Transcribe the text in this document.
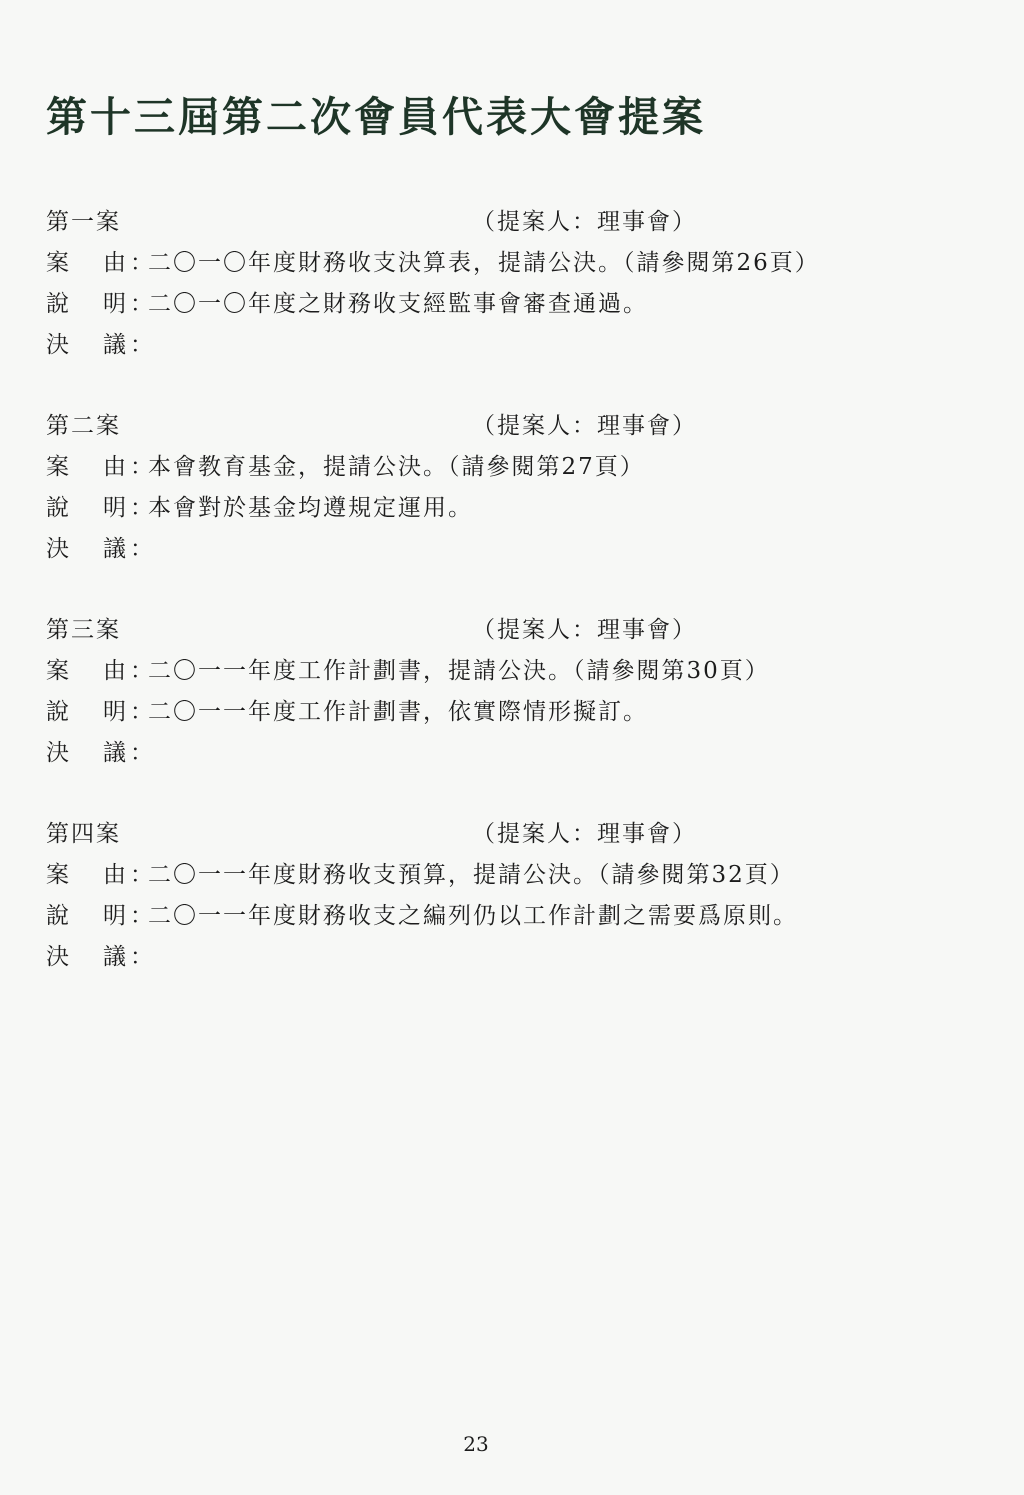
第十三屆第二次會員代表大會提案
第一案	（提案人：理事會）
案 由 ：
二〇一〇年度財務收支決算表，提請公決。（請參閱第26頁）
說 明 ：
二〇一〇年度之財務收支經監事會審查通過。
決 議 ：
第二案	（提案人：理事會）
案 由 ：
本會教育基金，提請公決。（請參閱第27頁）
說 明 ：
本會對於基金均遵規定運用。
決 議 ：
第三案	（提案人：理事會）
案 由 ：
二〇一一年度工作計劃書，提請公決。（請參閱第30頁）
說 明 ：
二〇一一年度工作計劃書，依實際情形擬訂。
決 議 ：
第四案	（提案人：理事會）
案 由 ：
二〇一一年度財務收支預算，提請公決。（請參閱第32頁）
說 明 ：
二〇一一年度財務收支之編列仍以工作計劃之需要爲原則。
決 議 ：
23
